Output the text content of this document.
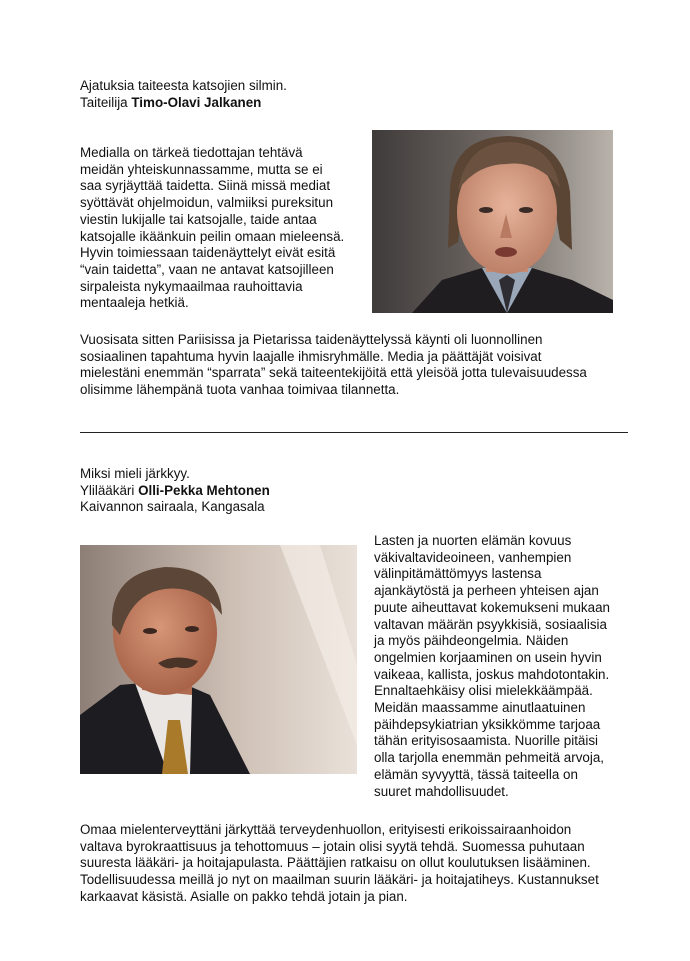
Ajatuksia taiteesta katsojien silmin.
Taiteilija Timo-Olavi Jalkanen
Medialla on tärkeä tiedottajan tehtävä
meidän yhteiskunnassamme, mutta se ei
saa syrjäyttää taidetta. Siinä missä mediat
syöttävät ohjelmoidun, valmiiksi pureksitun
viestin lukijalle tai katsojalle, taide antaa
katsojalle ikäänkuin peilin omaan mieleensä.
Hyvin toimiessaan taidenäyttelyt eivät esitä
“vain taidetta”, vaan ne antavat katsojilleen
sirpaleista nykymaailmaa rauhoittavia
mentaaleja hetkiä.
Vuosisata sitten Pariisissa ja Pietarissa taidenäyttelyssä käynti oli luonnollinen
sosiaalinen tapahtuma hyvin laajalle ihmisryhmälle. Media ja päättäjät voisivat
mielestäni enemmän “sparrata” sekä taiteentekijöitä että yleisöä jotta tulevaisuudessa
olisimme lähempänä tuota vanhaa toimivaa tilannetta.
Miksi mieli järkkyy.
Ylilääkäri Olli-Pekka Mehtonen
Kaivannon sairaala, Kangasala
Lasten ja nuorten elämän kovuus
väkivaltavideoineen, vanhempien
välinpitämättömyys lastensa
ajankäytöstä ja perheen yhteisen ajan
puute aiheuttavat kokemukseni mukaan
valtavan määrän psyykkisiä, sosiaalisia
ja myös päihdeongelmia. Näiden
ongelmien korjaaminen on usein hyvin
vaikeaa, kallista, joskus mahdotontakin.
Ennaltaehkäisy olisi mielekkäämpää.
Meidän maassamme ainutlaatuinen
päihdepsykiatrian yksikkömme tarjoaa
tähän erityisosaamista. Nuorille pitäisi
olla tarjolla enemmän pehmeitä arvoja,
elämän syvyyttä, tässä taiteella on
suuret mahdollisuudet.
Omaa mielenterveyttäni järkyttää terveydenhuollon, erityisesti erikoissairaanhoidon
valtava byrokraattisuus ja tehottomuus – jotain olisi syytä tehdä. Suomessa puhutaan
suuresta lääkäri- ja hoitajapulasta. Päättäjien ratkaisu on ollut koulutuksen lisääminen.
Todellisuudessa meillä jo nyt on maailman suurin lääkäri- ja hoitajatiheys. Kustannukset
karkaavat käsistä. Asialle on pakko tehdä jotain ja pian.
